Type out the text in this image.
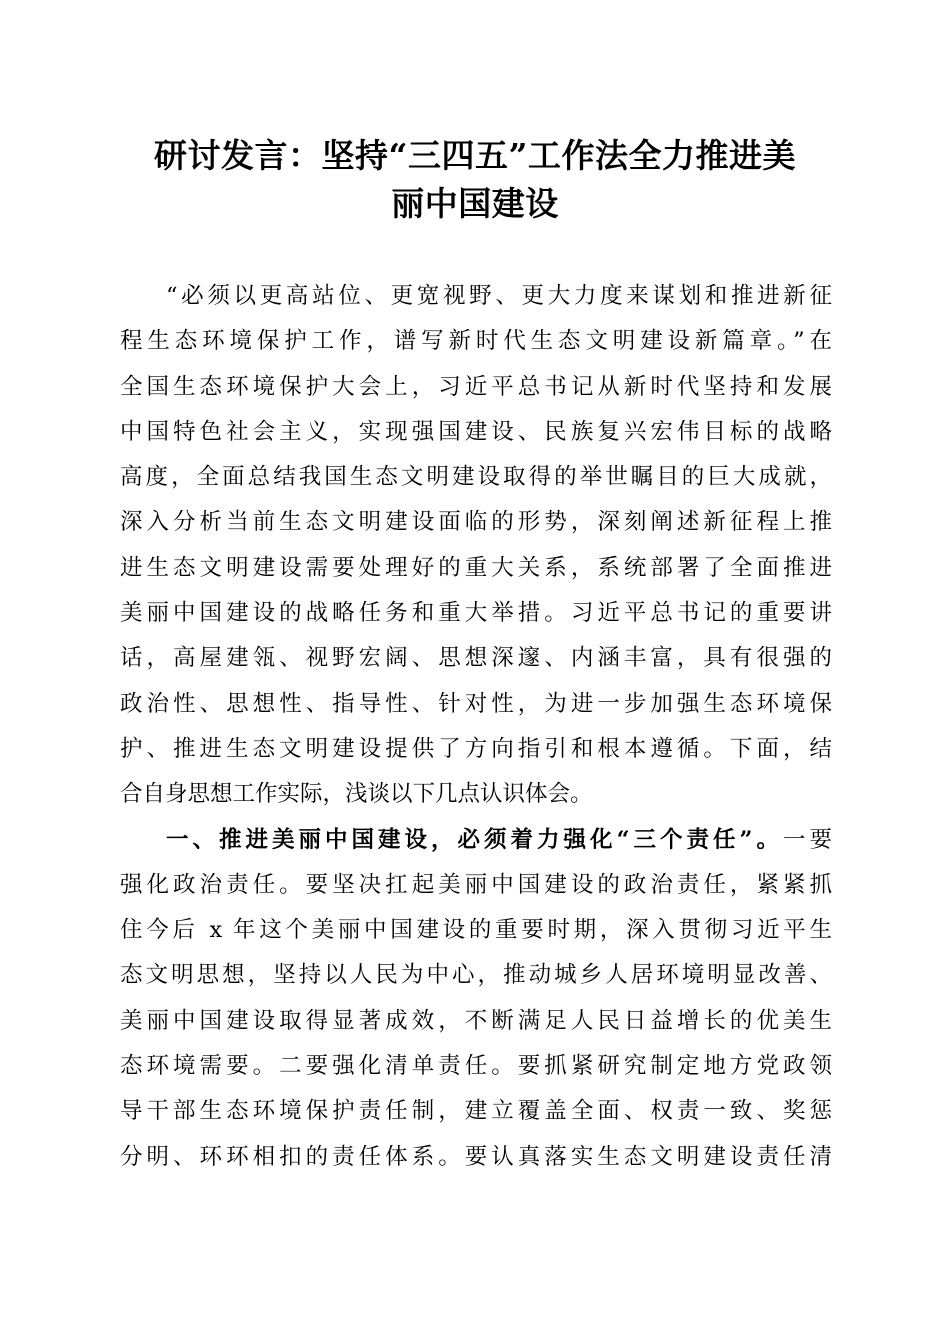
研讨发言：坚持“三四五”工作法全力推进美
丽中国建设
“必须以更高站位、更宽视野、更大力度来谋划和推进新征
程生态环境保护工作，谱写新时代生态文明建设新篇章。”在
全国生态环境保护大会上，习近平总书记从新时代坚持和发展
中国特色社会主义，实现强国建设、民族复兴宏伟目标的战略
高度，全面总结我国生态文明建设取得的举世瞩目的巨大成就，
深入分析当前生态文明建设面临的形势，深刻阐述新征程上推
进生态文明建设需要处理好的重大关系，系统部署了全面推进
美丽中国建设的战略任务和重大举措。习近平总书记的重要讲
话，高屋建瓴、视野宏阔、思想深邃、内涵丰富，具有很强的
政治性、思想性、指导性、针对性，为进一步加强生态环境保
护、推进生态文明建设提供了方向指引和根本遵循。下面，结
合自身思想工作实际，浅谈以下几点认识体会。
一、推进美丽中国建设，必须着力强化“三个责任”。一要
强化政治责任。要坚决扛起美丽中国建设的政治责任，紧紧抓
住今后 x 年这个美丽中国建设的重要时期，深入贯彻习近平生
态文明思想，坚持以人民为中心，推动城乡人居环境明显改善、
美丽中国建设取得显著成效，不断满足人民日益增长的优美生
态环境需要。二要强化清单责任。要抓紧研究制定地方党政领
导干部生态环境保护责任制，建立覆盖全面、权责一致、奖惩
分明、环环相扣的责任体系。要认真落实生态文明建设责任清
